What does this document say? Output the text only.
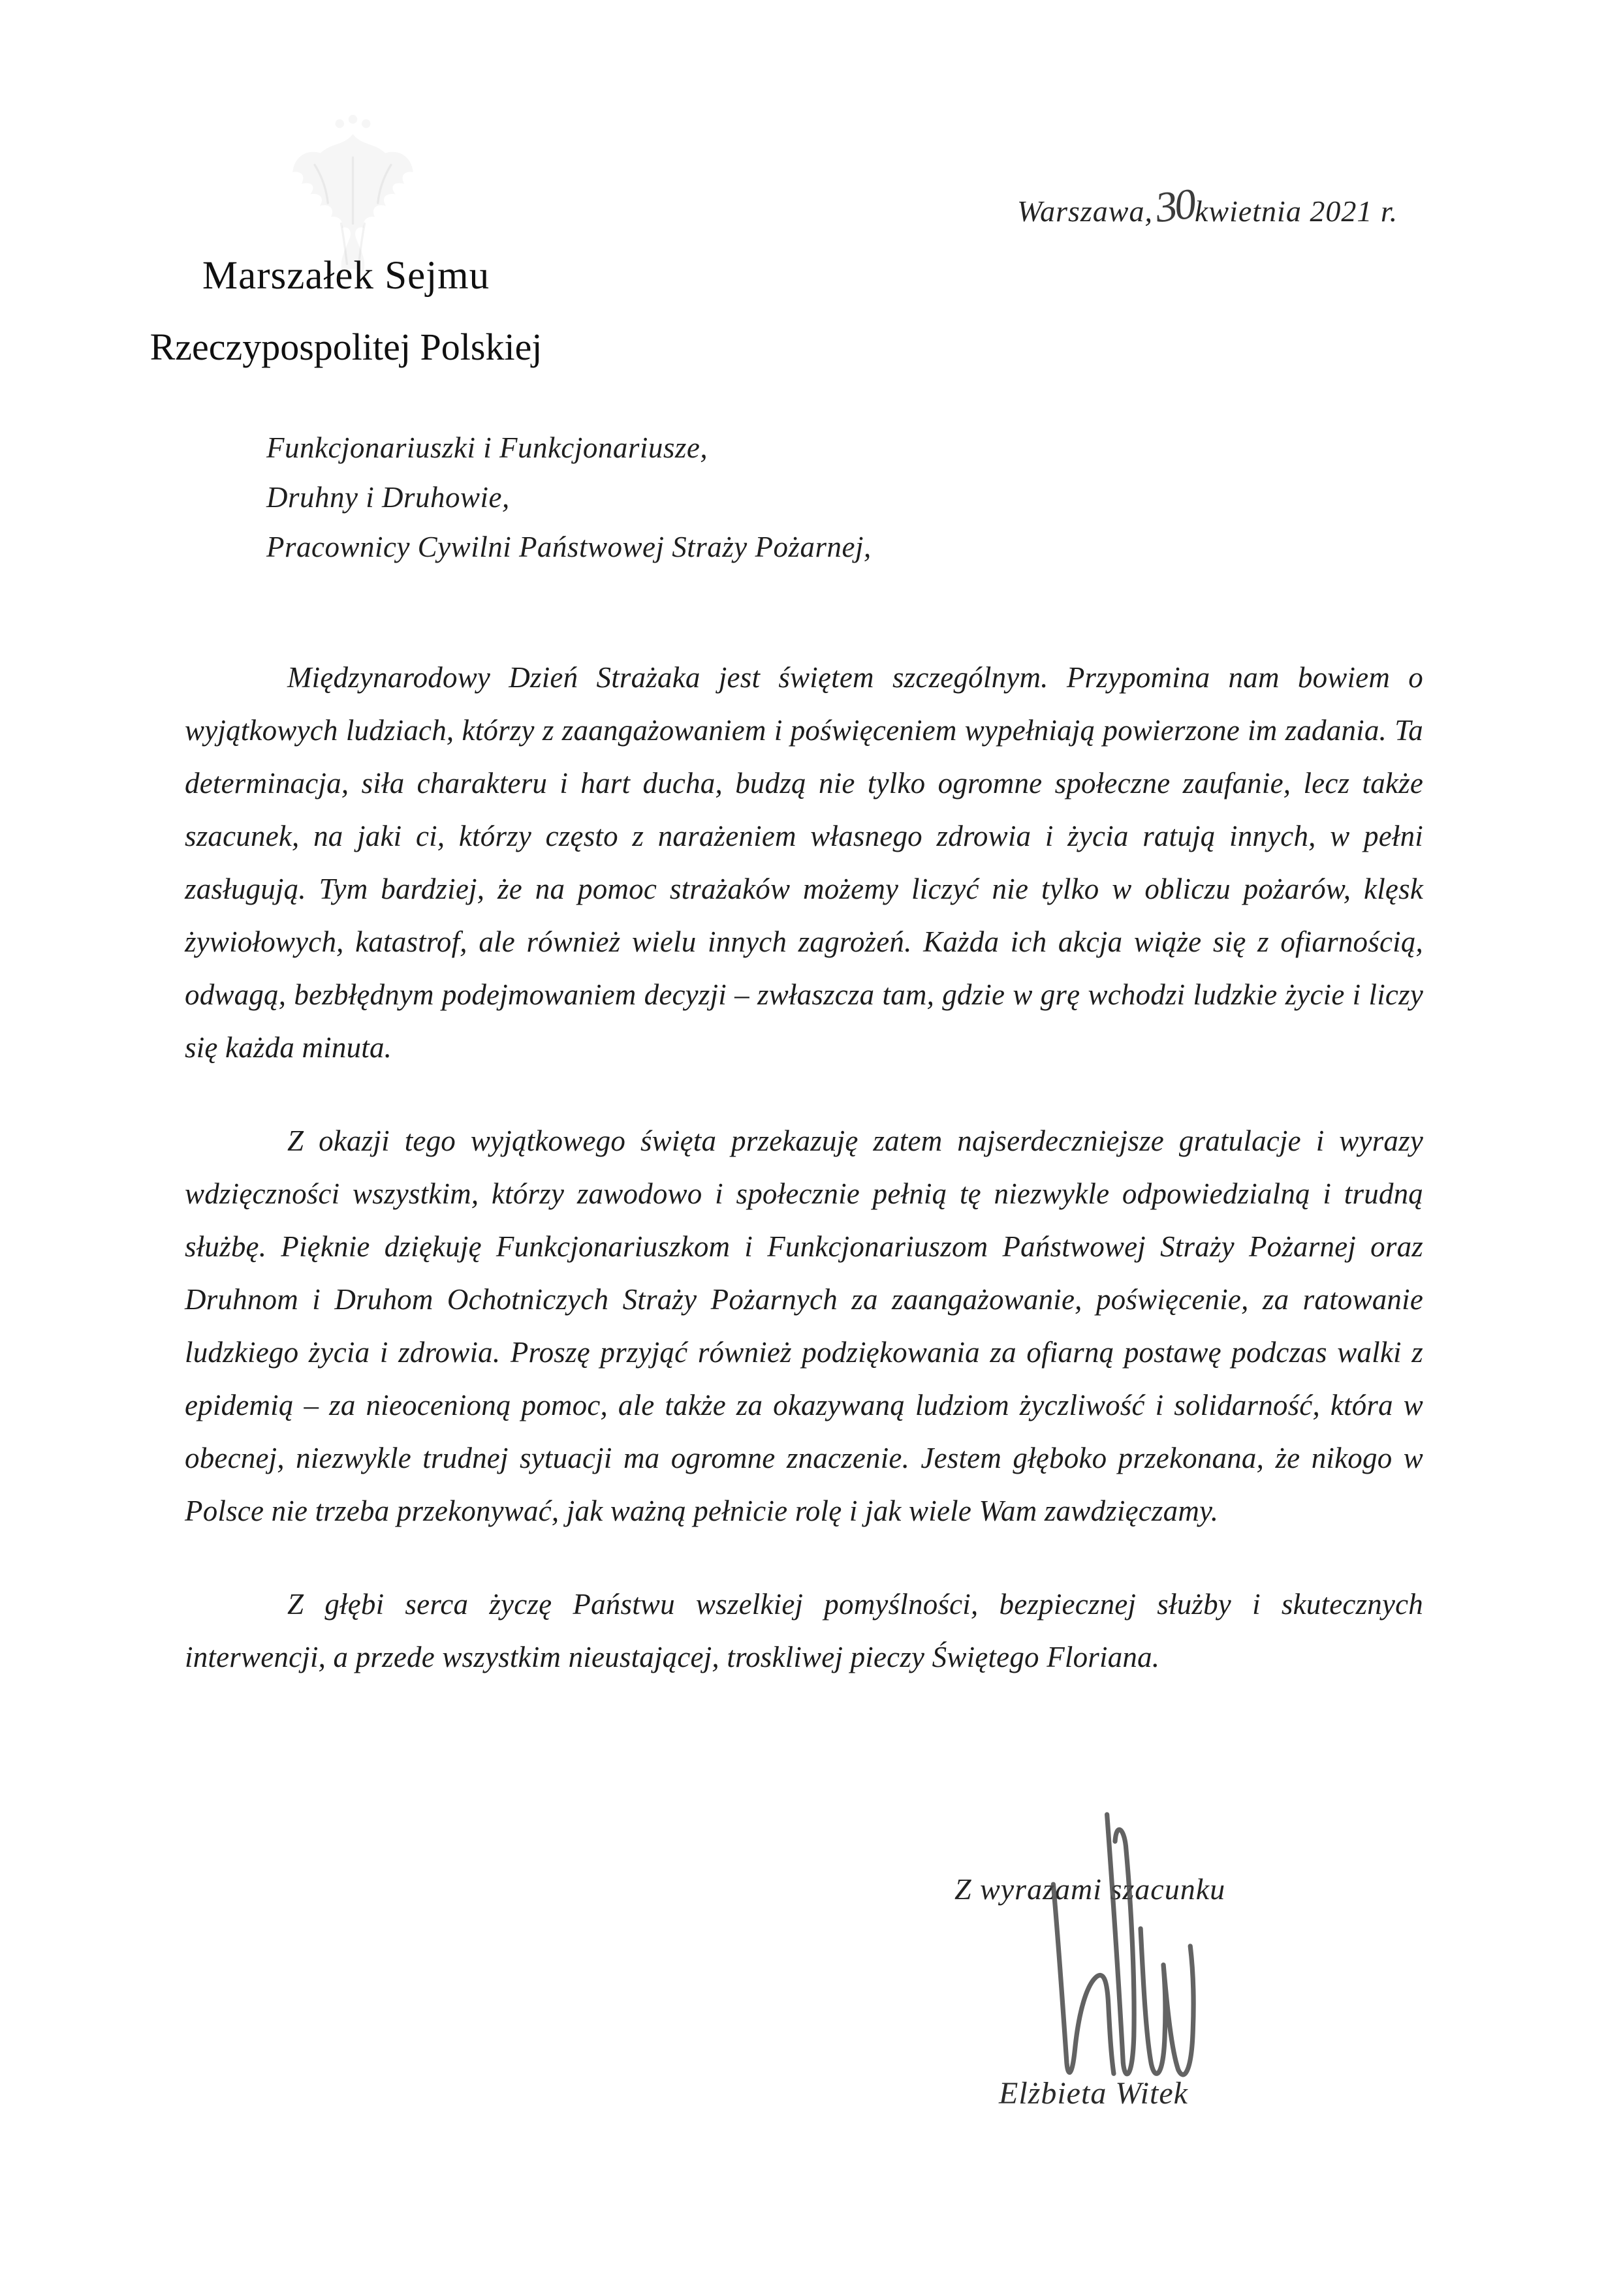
Warszawa, 30
kwietnia 2021 r.
Marszałek Sejmu
Rzeczypospolitej Polskiej
Funkcjonariuszki i Funkcjonariusze,
Druhny i Druhowie,
Pracownicy Cywilni Państwowej Straży Pożarnej,

Międzynarodowy Dzień Strażaka jest świętem szczególnym. Przypomina nam bowiem o wyjątkowych ludziach, którzy z zaangażowaniem i poświęceniem wypełniają powierzone im zadania. Ta determinacja, siła charakteru i hart ducha, budzą nie tylko ogromne społeczne zaufanie, lecz także szacunek, na jaki ci, którzy często z narażeniem własnego zdrowia i życia ratują innych, w pełni zasługują. Tym bardziej, że na pomoc strażaków możemy liczyć nie tylko w obliczu pożarów, klęsk żywiołowych, katastrof, ale również wielu innych zagrożeń. Każda ich akcja wiąże się z ofiarnością, odwagą, bezbłędnym podejmowaniem decyzji – zwłaszcza tam, gdzie w grę wchodzi ludzkie życie i liczy się każda minuta.

Z okazji tego wyjątkowego święta przekazuję zatem najserdeczniejsze gratulacje i wyrazy wdzięczności wszystkim, którzy zawodowo i społecznie pełnią tę niezwykle odpowiedzialną i trudną służbę. Pięknie dziękuję Funkcjonariuszkom i Funkcjonariuszom Państwowej Straży Pożarnej oraz Druhnom i Druhom Ochotniczych Straży Pożarnych za zaangażowanie, poświęcenie, za ratowanie ludzkiego życia i zdrowia. Proszę przyjąć również podziękowania za ofiarną postawę podczas walki z epidemią – za nieocenioną pomoc, ale także za okazywaną ludziom życzliwość i solidarność, która w obecnej, niezwykle trudnej sytuacji ma ogromne znaczenie. Jestem głęboko przekonana, że nikogo w Polsce nie trzeba przekonywać, jak ważną pełnicie rolę i jak wiele Wam zawdzięczamy.

Z głębi serca życzę Państwu wszelkiej pomyślności, bezpiecznej służby i skutecznych interwencji, a przede wszystkim nieustającej, troskliwej pieczy Świętego Floriana.

Z wyrazami szacunku
Elżbieta Witek
